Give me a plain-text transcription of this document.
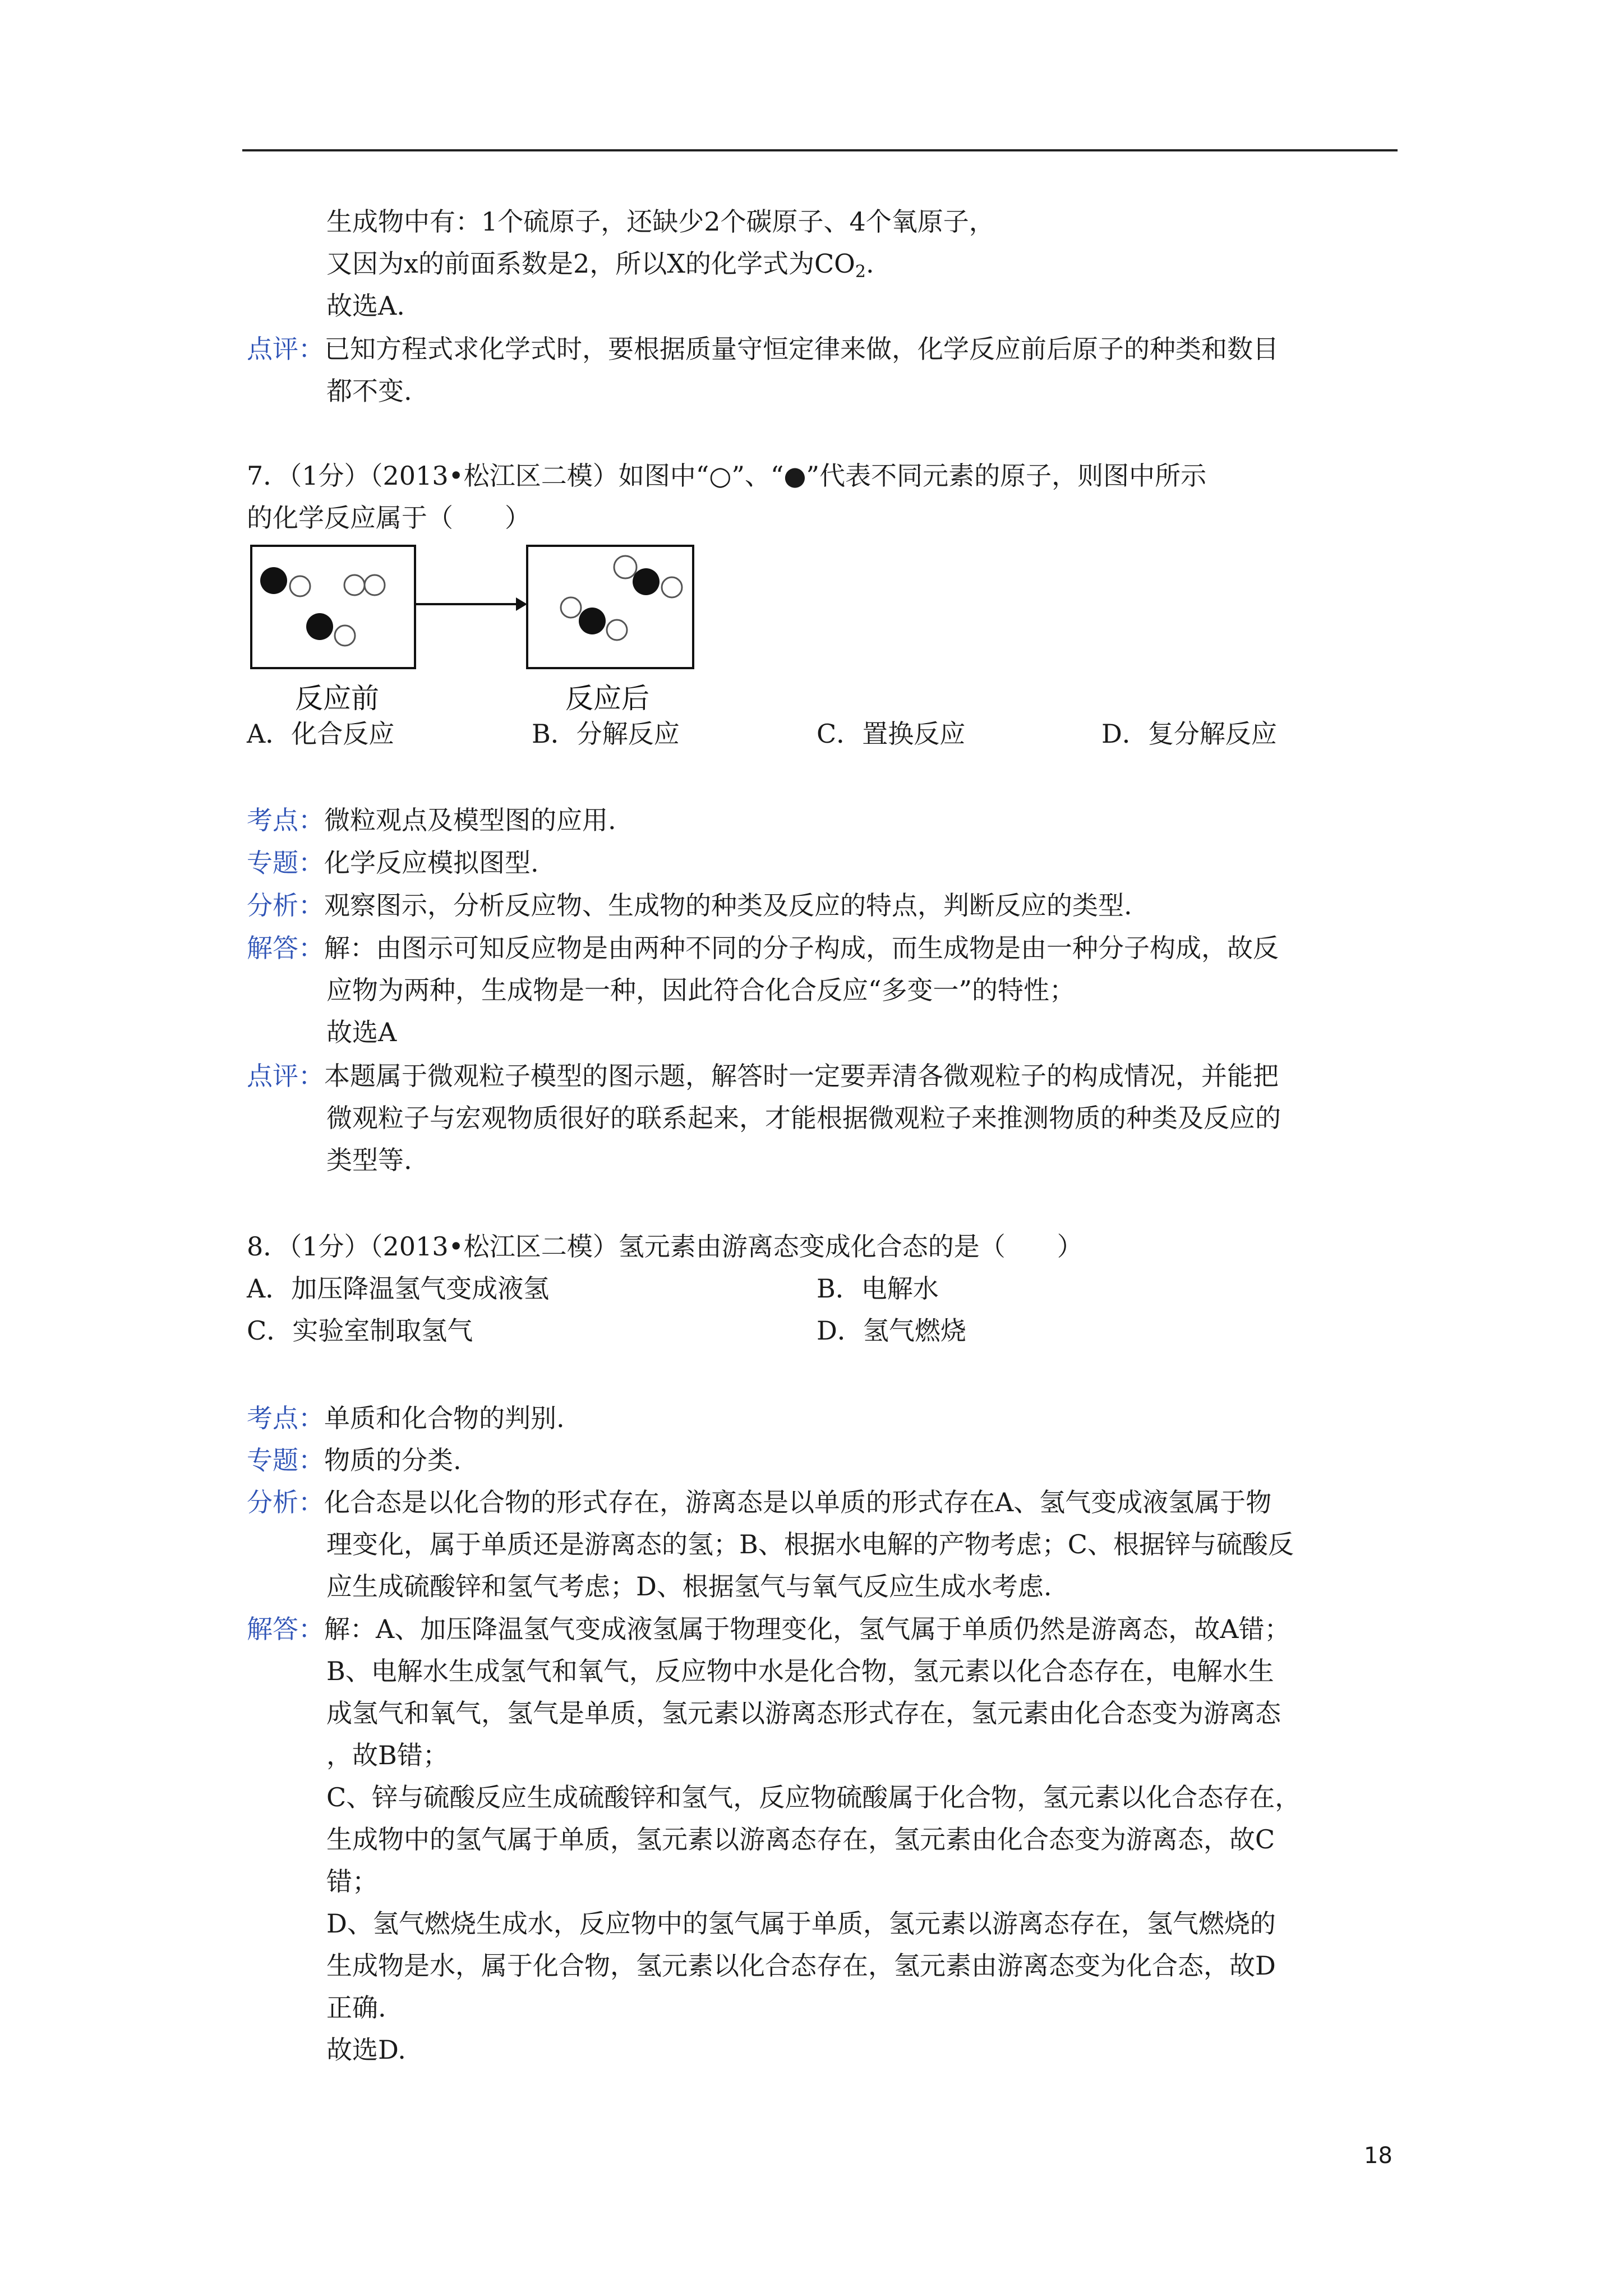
生成物中有：1个硫原子，还缺少2个碳原子、4个氧原子，
又因为x的前面系数是2，所以X的化学式为$CO_2$.
故选A.
点评：已知方程式求化学式时，要根据质量守恒定律来做，化学反应前后原子的种类和数目
都不变.
7．（1分）（2013•松江区二模）如图中“○”、“●”代表不同元素的原子，则图中所示
的化学反应属于（　　）
反应前	反应后
A．化合反应	B．分解反应	C．置换反应	D．复分解反应
考点：微粒观点及模型图的应用.
专题：化学反应模拟图型.
分析：观察图示，分析反应物、生成物的种类及反应的特点，判断反应的类型.
解答：解：由图示可知反应物是由两种不同的分子构成，而生成物是由一种分子构成，故反
应物为两种，生成物是一种，因此符合化合反应“多变一”的特性；
故选A
点评：本题属于微观粒子模型的图示题，解答时一定要弄清各微观粒子的构成情况，并能把
微观粒子与宏观物质很好的联系起来，才能根据微观粒子来推测物质的种类及反应的
类型等.
8．（1分）（2013•松江区二模）氢元素由游离态变成化合态的是（　　）
A．加压降温氢气变成液氢	B．电解水
C．实验室制取氢气	D．氢气燃烧
考点：单质和化合物的判别.
专题：物质的分类.
分析：化合态是以化合物的形式存在，游离态是以单质的形式存在A、氢气变成液氢属于物
理变化，属于单质还是游离态的氢；B、根据水电解的产物考虑；C、根据锌与硫酸反
应生成硫酸锌和氢气考虑；D、根据氢气与氧气反应生成水考虑.
解答：解：A、加压降温氢气变成液氢属于物理变化，氢气属于单质仍然是游离态，故A错；
B、电解水生成氢气和氧气，反应物中水是化合物，氢元素以化合态存在，电解水生
成氢气和氧气，氢气是单质，氢元素以游离态形式存在，氢元素由化合态变为游离态
，故B错；
C、锌与硫酸反应生成硫酸锌和氢气，反应物硫酸属于化合物，氢元素以化合态存在，
生成物中的氢气属于单质，氢元素以游离态存在，氢元素由化合态变为游离态，故C
错；
D、氢气燃烧生成水，反应物中的氢气属于单质，氢元素以游离态存在，氢气燃烧的
生成物是水，属于化合物，氢元素以化合态存在，氢元素由游离态变为化合态，故D
正确.
故选D.
18
